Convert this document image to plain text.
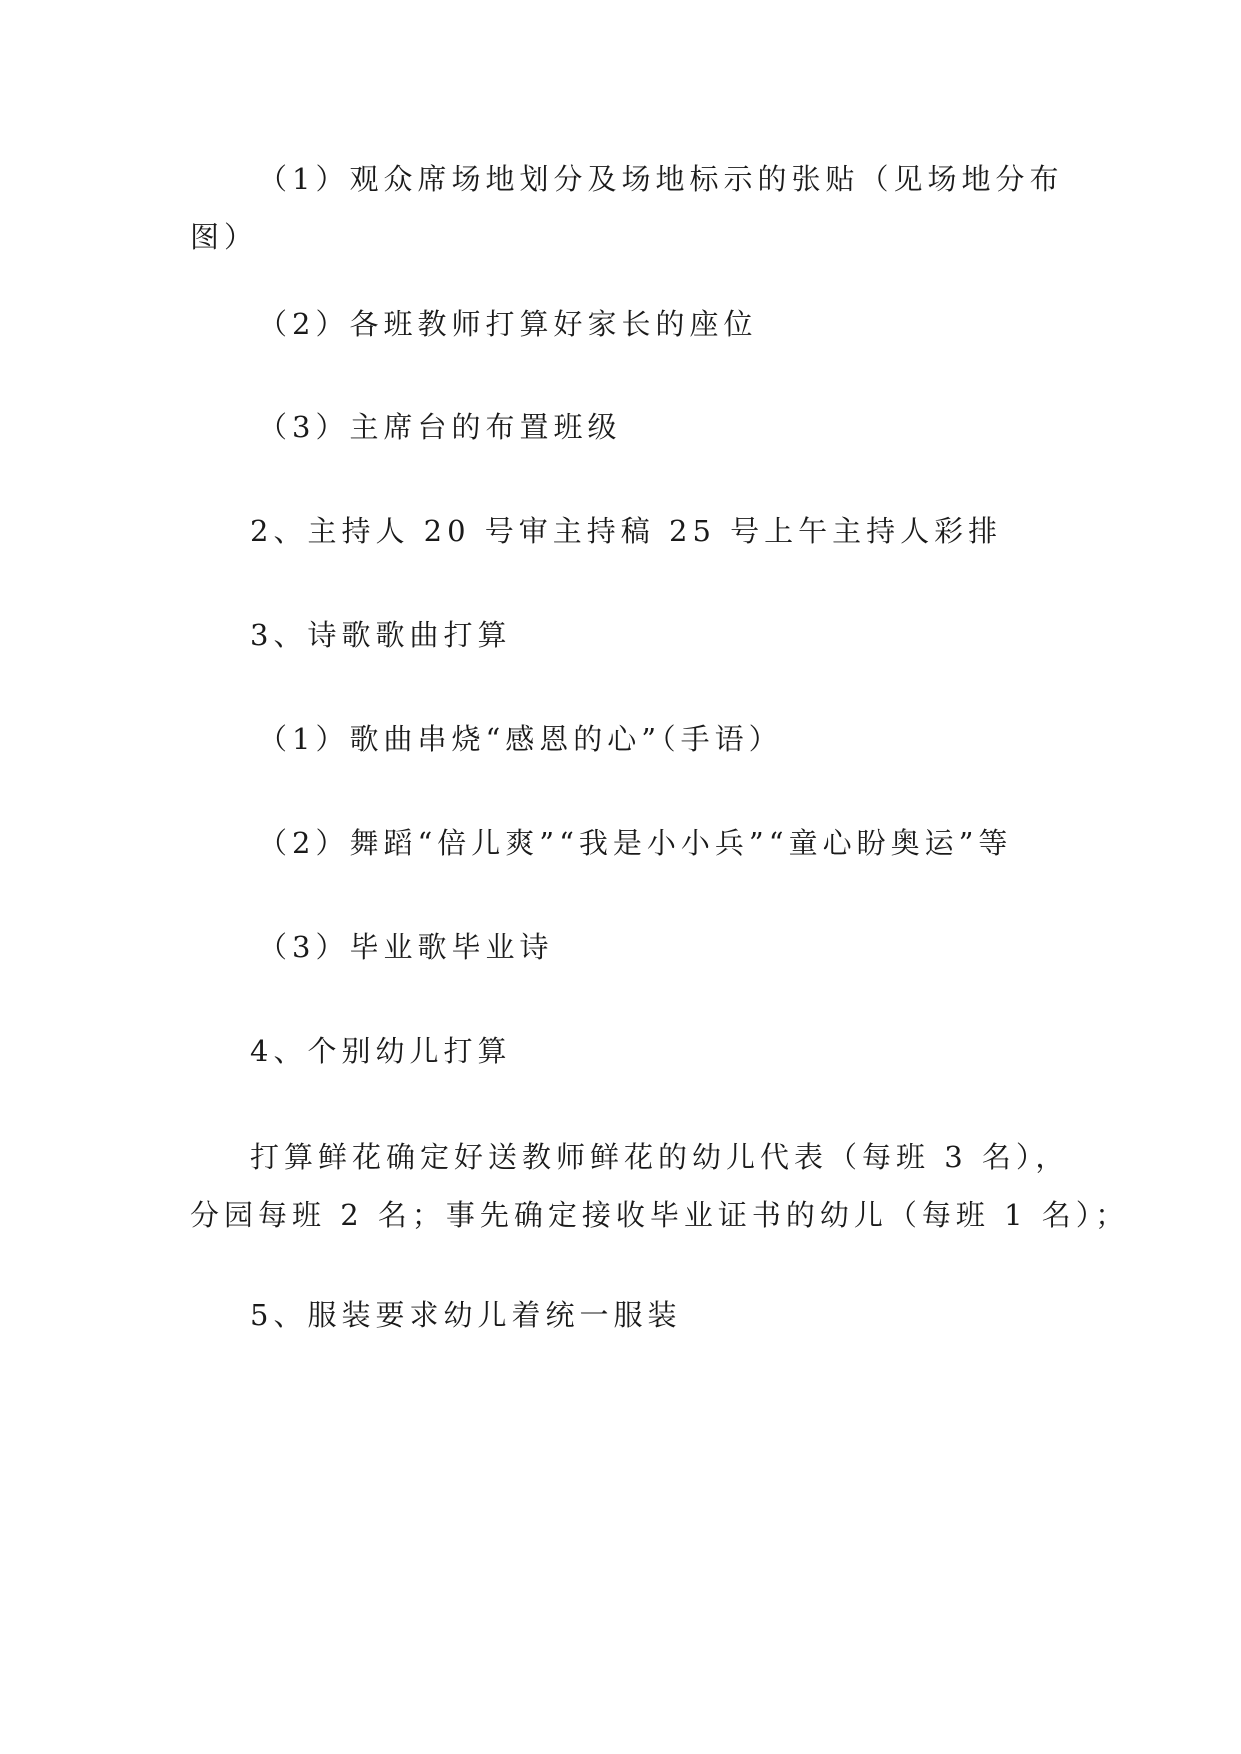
（1）观众席场地划分及场地标示的张贴（见场地分布
图）

（2）各班教师打算好家长的座位

（3）主席台的布置班级

2、主持人 20 号审主持稿 25 号上午主持人彩排

3、诗歌歌曲打算

（1）歌曲串烧“感恩的心”（手语）

（2）舞蹈“倍儿爽”“我是小小兵”“童心盼奥运”等

（3）毕业歌毕业诗

4、个别幼儿打算

打算鲜花确定好送教师鲜花的幼儿代表（每班 3 名），
分园每班 2 名；事先确定接收毕业证书的幼儿（每班 1 名）；

5、服装要求幼儿着统一服装
